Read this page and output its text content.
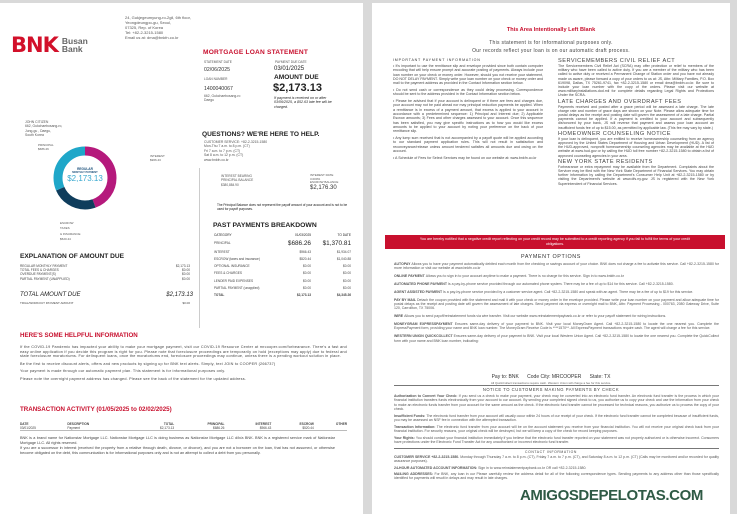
BNK Busan
Bank
24, Gukjegeumyung-ro-2gil, 6th floor,
Yeongdeungpo-gu, Seoul,
07325, Rep. of Korea
Tel: +82-2-3215-1580
Email us at: dma@bnkfn.co.kr
MORTGAGE LOAN STATEMENT
STATEMENT DATE
02/06/2025
LOAN NUMBER
1400040067
662, Gukchaebosang-ro
Daegu
PAYMENT DUE DATE
03/01/2025
AMOUNT DUE
$2,173.13
If payment is received on or after 03/06/2025, a $52.63 late fee will be charged.
JOHN CITIZEN
662, Gukchaebosang-ro,
Jung-gu , Daegu,
South Korea
REGULAR
MONTHLY PAYMENT
$2,173.13
PRINCIPAL
$686.26
INTEREST
$966.43
ESCROW
TAXES
& INSURANCE
$520.44
QUESTIONS? WE'RE HERE TO HELP.
CUSTOMER SERVICE: +82-2-3215-1580
Mon-Thu 7 a.m. to 8 p.m. (CT)
Fri 7 a.m. to 7 p.m. (CT)
Sat 8 a.m. to 12 p.m. (CT)
www.bnkfn.co.kr
INTEREST BEARING
PRINCIPAL BALANCE
$380,884.90
INTEREST RATE
3.000%
ESCROW BALANCE
$2,176.30
The Principal Balance does not represent the payoff amount of your account and is not to be used for payoff purposes.
PAST PAYMENTS BREAKDOWN
CATEGORY	01/03/2025	TO DATE
PRINCIPAL	$686.26	$1,370.81
INTEREST	$966.43	$1,934.07
ESCROW (taxes and insurance)	$520.44	$1,040.88
OPTIONAL INSURANCE	$0.00	$0.00
FEES & CHARGES	$0.00	$0.00
LENDER PAID EXPENSES	$0.00	$0.00
PARTIAL PAYMENT (unapplied)	$0.00	$0.00
TOTAL	$2,173.13	$4,345.26
EXPLANATION OF AMOUNT DUE
REGULAR MONTHLY PAYMENT	$2,173.13
TOTAL FEES & CHARGES	$0.00
OVERDUE PAYMENT(S)	$0.00
PARTIAL PAYMENT (UNAPPLIED)	$0.00
TOTAL AMOUNT DUE	$2,173.13
TRIAL/WORKOUT PAYMENT AMOUNT	$0.00
HERE'S SOME HELPFUL INFORMATION
If the COVID-19 Pandemic has impacted your ability to make your mortgage payment, visit our COVID-19 Resource Center at mrcooper.com/forbearance. There's a fast and easy online application if you decide this program is right for you. Please note that foreclosure proceedings are temporarily on hold (exceptions may apply) due to federal and state foreclosure moratoriums. For delinquent loans, once the moratoriums end, foreclosure proceedings may continue, unless there is a pending workout solution in place.
Be the first to receive discount alerts, offers and new products by signing up for BNK text alerts. Simply, text JOIN to COOPER (266737)
Your payment is made through our automatic payment plan. This statement is for informational purposes only.
Please note the overnight payment address has changed. Please see the back of the statement for the updated address.
TRANSACTION ACTIVITY (01/05/2025 to 02/02/2025)
DATE	DESCRIPTION	TOTAL	PRINCIPAL	INTEREST	ESCROW	OTHER
03/01/2025	Payment	$2,173.13	$686.26	$966.43	$520.44	
BNK is a brand name for Nationstar Mortgage LLC. Nationstar Mortgage LLC is doing business as Nationstar Mortgage LLC d/b/a BNK. BNK is a registered service mark of Nationstar Mortgage LLC. All rights reserved.
If you are a successor in interest (received the property from a relative through death, divorce, or divorce), and you are not a borrower on the loan, that has not assumed, or otherwise become obligated on the debt, this communication is for informational purposes only and is not an attempt to collect a debt from you personally.
This Area Intentionally Left Blank
This statement is for informational purposes only.
Our records reflect your loan is on our automatic draft process.
IMPORTANT PAYMENT INFORMATION
• It's important to use the remittance slip and envelope provided since both contain computer encoding that will help ensure prompt and accurate posting of payments. Always include your loan number on your check or money order. However, should you not receive your statement, DO NOT DELAY PAYMENT. Simply write your loan number on your check or money order and mail to the payment address as provided in the Contact Information section below.
• Do not send cash or correspondence as they could delay processing. Correspondence should be sent to the address provided in the Contact Information section below.
• Please be advised that if your account is delinquent or if there are fees and charges due, your account may not be paid ahead nor may principal reduction payments be applied. When a remittance is in excess of a payment amount, that excess is applied to your account in accordance with a predetermined sequence: 1) Principal and Interest due; 2) Applicable Escrow amounts; 3) Fees and other charges assessed to your account. Once this sequence has been satisfied, you may give specific instructions as to how you would like excess amounts to be applied to your account by noting your preference on the back of your remittance slip.
• Any lump sum received that is not accompanied by a payoff quote will be applied according to our standard payment application rules. This will not result in satisfaction and reconveyance/release unless amount tendered satisfies all amounts due and owing on the account.
• A Schedule of Fees for Select Services may be found on our website at: www.bnkfn.co.kr
SERVICEMEMBERS CIVIL RELIEF ACT
The Servicemembers Civil Relief Act (SCRA) may offer protection or relief to members of the military who have been called to active duty. If you are a member of the military who has been called to active duty or received a Permanent Change of Station order and you have not already made us aware, please forward a copy of your orders to us at: JS, Attn: Military Families, P.O. Box 619098, Dallas, TX 75261-9741, fax +82-2-3215-1580 or email dma@bnkfn.co.kr. Be sure to include your loan number with the copy of the orders. Please visit our website at www.militaryinstallations.dod.mil for complete details regarding Legal Rights and Protections Under the SCRA.
LATE CHARGES AND OVERDRAFT FEES
Payments received and posted after a grace period will be assessed a late charge. The late charge rate and number of grace days are shown on your Note. Please allow adequate time for postal delays as the receipt and posting date will govern the assessment of a late charge. Partial payments cannot be applied. If a payment is credited to your account and subsequently dishonored by your bank, JS will reverse that payment and assess your loan account an insufficient funds fee of up to $15.00, as permitted by applicable law. (This fee may vary by state.)
HOMEOWNER COUNSELING NOTICE
If your loan is delinquent, you are entitled to receive homeownership counseling from an agency approved by the United States Department of Housing and Urban Development (HUD). A list of the HUD-approved, nonprofit homeownership counseling agencies may be available at the HUD website at www.hud.gov or by calling the HUD toll free number +82-2-3215-1580 to obtain a list of approved counseling agencies in your area.
NEW YORK STATE RESIDENTS
Forbearance or extra repayment may be available from the Department. Complaints about the Servicer may be filed with the New York State Department of Financial Services. You may obtain further information by calling the Department's Consumer Help Unit at +82-2-3215-1580 or by visiting the Department's website at www.dfs.ny.gov. JS is registered with the New York Superintendent of Financial Services.
You are hereby notified that a negative credit report reflecting on your credit record may be submitted to a credit reporting agency if you fail to fulfill the terms of your credit obligations.
PAYMENT OPTIONS
AUTOPAY Allows you to have your payment automatically debited each month from the checking or savings account of your choice. BNK does not charge a fee to activate this service. Call +82-2-3215-1580 for more information or visit our website at www.bnkfn.co.kr
ONLINE PAYMENT Allows you to sign in to your account anytime to make a payment. There is no charge for this service. Sign in to www.bnkfn.co.kr
AUTOMATED PHONE PAYMENT Is a pay-by-phone service provided through our automated phone system. There may be a fee of up to $14 for this service. Call +82-2-3215-1580.
AGENT ASSISTED PAYMENT Is a pay-by-phone service provided by a customer service agent. Call +82-2-3215-1580 and speak with an agent. There may be a fee of up to $19 for this service.
PAY BY MAIL Detach the coupon provided with the statement and mail it with your check or money order in the envelope provided. Please write your loan number on your payment and allow adequate time for postal delays as the receipt and posting date will govern the assessment of late charges. Send payment via express or overnight mail to BNK, Attn: Payment Processing - 000763, 2080 Gateway Drive, Suite 120, Carrollton, TX 75006.
WIRE Allows you to send payoff/reinstatement funds via wire transfer. Visit our website www.reinstatementpaybank.co.kr or refer to your payoff statement for wiring instructions.
MONEYGRAM EXPRESSPAYMENT Ensures same-day delivery of your payment to BNK. Visit your local MoneyGram Agent. Call +82-2-3215-1580 to locate the one nearest you. Complete the ExpressPayment form, providing your name and BNK loan number. The MoneyGram Receive Code is ****1570**. All ExpressPayment transactions require cash. The agent will charge a fee for this service.
WESTERN UNION QUICKCOLLECT Ensures same-day delivery of your payment to BNK. Visit your local Western Union Agent. Call +82-2-3215-1580 to locate the one nearest you. Complete the QuickCollect form with your name and BNK loan number, indicating:
Pay to: BNK      Code City: MRCOOPER      State: TX
All QuickCollect transactions require cash. Western Union will charge a fee for this service.
NOTICE TO CUSTOMERS MAKING PAYMENTS BY CHECK
Authorization to Convert Your Check: If you send us a check to make your payment, your check may be converted into an electronic fund transfer. An electronic fund transfer is the process in which your financial institution transfers funds electronically from your account to our account. By sending your completed signed check to us, you authorize us to copy your check and use the information from your check to make an electronic funds transfer from your account for the same amount as the check. If the electronic fund transfer cannot be processed for technical reasons, you authorize us to process the copy of your check.
Insufficient Funds: The electronic fund transfer from your account will usually occur within 24 hours of our receipt of your check. If the electronic fund transfer cannot be completed because of insufficient funds, you may be assessed an NSF fee in connection with the attempted transaction.
Transaction Information: The electronic fund transfer from your account will be on the account statement you receive from your financial institution. You will not receive your original check back from your financial institution. For security reasons, your original check will be destroyed, but we will keep a copy of the check for record keeping purposes.
Your Rights: You should contact your financial institution immediately if you believe that the electronic fund transfer reported on your statement was not properly authorized or is otherwise incorrect. Consumers have protections under the Electronic Fund Transfer Act for any unauthorized or incorrect electronic fund transfer.
CONTACT INFORMATION
CUSTOMER SERVICE +82-2-3215-1580. Monday through Thursday 7 a.m. to 8 p.m. (CT), Friday 7 a.m. to 7 p.m. (CT), and Saturday 8 a.m. to 12 p.m. (CT) (Calls may be monitored and/or recorded for quality assurance purposes).
24-HOUR AUTOMATED ACCOUNT INFORMATION: Sign in to www.reinstatementpaybank.co.kr OR call +82-2-3215-1580.
MAILING ADDRESSES: For BNK, any loan in our Please carefully review the address detail for all of the following correspondence types. Sending payments to any address other than those specifically identified for payments will result in delays and may result in late charges.
AMIGOSDEPELOTAS.COM
